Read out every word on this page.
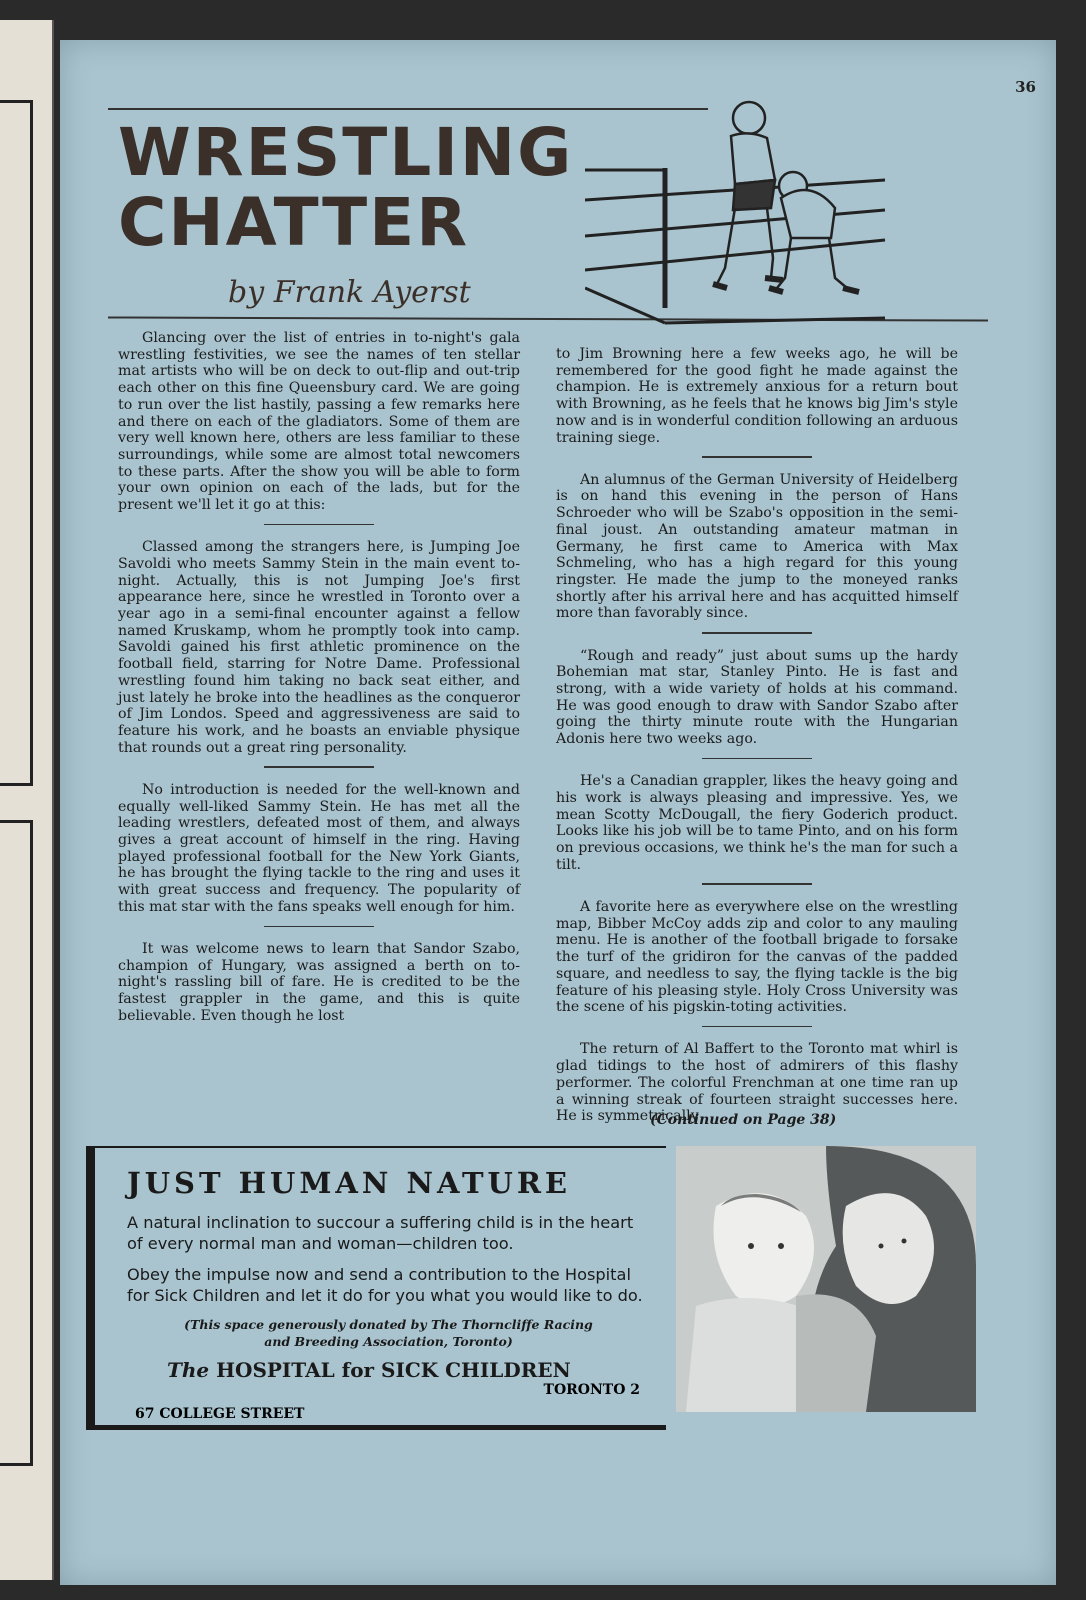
36
WRESTLING
CHATTER
by Frank Ayerst

Glancing over the list of entries in to-night's gala wrestling festivities, we see the names of ten stellar mat artists who will be on deck to out-flip and out-trip each other on this fine Queensbury card. We are going to run over the list hastily, passing a few remarks here and there on each of the gladiators. Some of them are very well known here, others are less familiar to these surroundings, while some are almost total newcomers to these parts. After the show you will be able to form your own opinion on each of the lads, but for the present we'll let it go at this:

Classed among the strangers here, is Jumping Joe Savoldi who meets Sammy Stein in the main event to-night. Actually, this is not Jumping Joe's first appearance here, since he wrestled in Toronto over a year ago in a semi-final encounter against a fellow named Kruskamp, whom he promptly took into camp. Savoldi gained his first athletic prominence on the football field, starring for Notre Dame. Professional wrestling found him taking no back seat either, and just lately he broke into the headlines as the conqueror of Jim Londos. Speed and aggressiveness are said to feature his work, and he boasts an enviable physique that rounds out a great ring personality.

No introduction is needed for the well-known and equally well-liked Sammy Stein. He has met all the leading wrestlers, defeated most of them, and always gives a great account of himself in the ring. Having played professional football for the New York Giants, he has brought the flying tackle to the ring and uses it with great success and frequency. The popularity of this mat star with the fans speaks well enough for him.

It was welcome news to learn that Sandor Szabo, champion of Hungary, was assigned a berth on to-night's rassling bill of fare. He is credited to be the fastest grappler in the game, and this is quite believable. Even though he lost

to Jim Browning here a few weeks ago, he will be remembered for the good fight he made against the champion. He is extremely anxious for a return bout with Browning, as he feels that he knows big Jim's style now and is in wonderful condition following an arduous training siege.

An alumnus of the German University of Heidelberg is on hand this evening in the person of Hans Schroeder who will be Szabo's opposition in the semi-final joust. An outstanding amateur matman in Germany, he first came to America with Max Schmeling, who has a high regard for this young ringster. He made the jump to the moneyed ranks shortly after his arrival here and has acquitted himself more than favorably since.

“Rough and ready” just about sums up the hardy Bohemian mat star, Stanley Pinto. He is fast and strong, with a wide variety of holds at his command. He was good enough to draw with Sandor Szabo after going the thirty minute route with the Hungarian Adonis here two weeks ago.

He's a Canadian grappler, likes the heavy going and his work is always pleasing and impressive. Yes, we mean Scotty McDougall, the fiery Goderich product. Looks like his job will be to tame Pinto, and on his form on previous occasions, we think he's the man for such a tilt.

A favorite here as everywhere else on the wrestling map, Bibber McCoy adds zip and color to any mauling menu. He is another of the football brigade to forsake the turf of the gridiron for the canvas of the padded square, and needless to say, the flying tackle is the big feature of his pleasing style. Holy Cross University was the scene of his pigskin-toting activities.

The return of Al Baffert to the Toronto mat whirl is glad tidings to the host of admirers of this flashy performer. The colorful Frenchman at one time ran up a winning streak of fourteen straight successes here. He is symmetrically

(Continued on Page 38)
JUST HUMAN NATURE

A natural inclination to succour a suffering child is in the heart of every normal man and woman—children too.

Obey the impulse now and send a contribution to the Hospital for Sick Children and let it do for you what you would like to do.

(This space generously donated by The Thorncliffe Racing
and Breeding Association, Toronto)
The HOSPITAL for SICK CHILDREN
TORONTO 2
67 COLLEGE STREET
